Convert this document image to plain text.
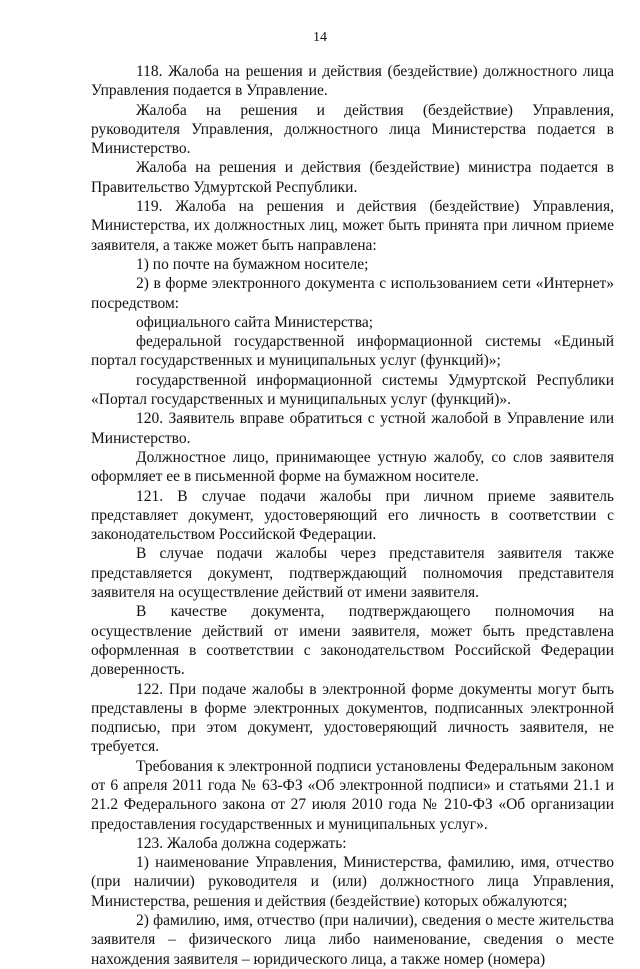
14

118. Жалоба на решения и действия (бездействие) должностного лица Управления подается в Управление.

Жалоба на решения и действия (бездействие) Управления, руководителя Управления, должностного лица Министерства подается в Министерство.

Жалоба на решения и действия (бездействие) министра подается в Правительство Удмуртской Республики.

119. Жалоба на решения и действия (бездействие) Управления, Министерства, их должностных лиц, может быть принята при личном приеме заявителя, а также может быть направлена:

1) по почте на бумажном носителе;

2) в форме электронного документа с использованием сети «Интернет» посредством:

официального сайта Министерства;

федеральной государственной информационной системы «Единый портал государственных и муниципальных услуг (функций)»;

государственной информационной системы Удмуртской Республики «Портал государственных и муниципальных услуг (функций)».

120. Заявитель вправе обратиться с устной жалобой в Управление или Министерство.

Должностное лицо, принимающее устную жалобу, со слов заявителя оформляет ее в письменной форме на бумажном носителе.

121. В случае подачи жалобы при личном приеме заявитель представляет документ, удостоверяющий его личность в соответствии с законодательством Российской Федерации.

В случае подачи жалобы через представителя заявителя также представляется документ, подтверждающий полномочия представителя заявителя на осуществление действий от имени заявителя.

В качестве документа, подтверждающего полномочия на осуществление действий от имени заявителя, может быть представлена оформленная в соответствии с законодательством Российской Федерации доверенность.

122. При подаче жалобы в электронной форме документы могут быть представлены в форме электронных документов, подписанных электронной подписью, при этом документ, удостоверяющий личность заявителя, не требуется.

Требования к электронной подписи установлены Федеральным законом от 6 апреля 2011 года № 63-ФЗ «Об электронной подписи» и статьями 21.1 и 21.2 Федерального закона от 27 июля 2010 года № 210-ФЗ «Об организации предоставления государственных и муниципальных услуг».

123. Жалоба должна содержать:

1) наименование Управления, Министерства, фамилию, имя, отчество (при наличии) руководителя и (или) должностного лица Управления, Министерства, решения и действия (бездействие) которых обжалуются;

2) фамилию, имя, отчество (при наличии), сведения о месте жительства заявителя – физического лица либо наименование, сведения о месте нахождения заявителя – юридического лица, а также номер (номера)
